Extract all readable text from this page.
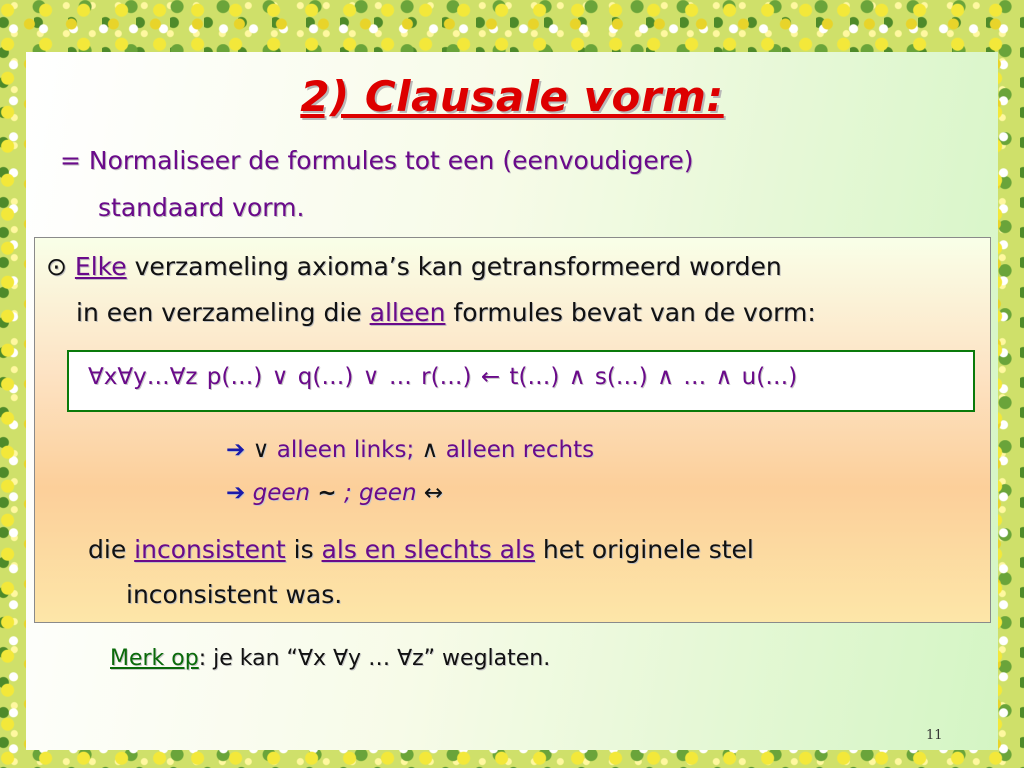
2) Clausale vorm:
= Normaliseer de formules tot een (eenvoudigere)
standaard vorm.
⊙ Elke verzameling axioma’s kan getransformeerd worden
in een verzameling die alleen formules bevat van de vorm:
∀x∀y…∀z p(…) ∨ q(…) ∨ … r(…) ← t(…) ∧ s(…) ∧ … ∧ u(…)
➔ ∨ alleen links; ∧ alleen rechts
➔ geen ~ ; geen ↔
die inconsistent is als en slechts als het originele stel
inconsistent was.
Merk op: je kan “∀x ∀y … ∀z” weglaten.
11
